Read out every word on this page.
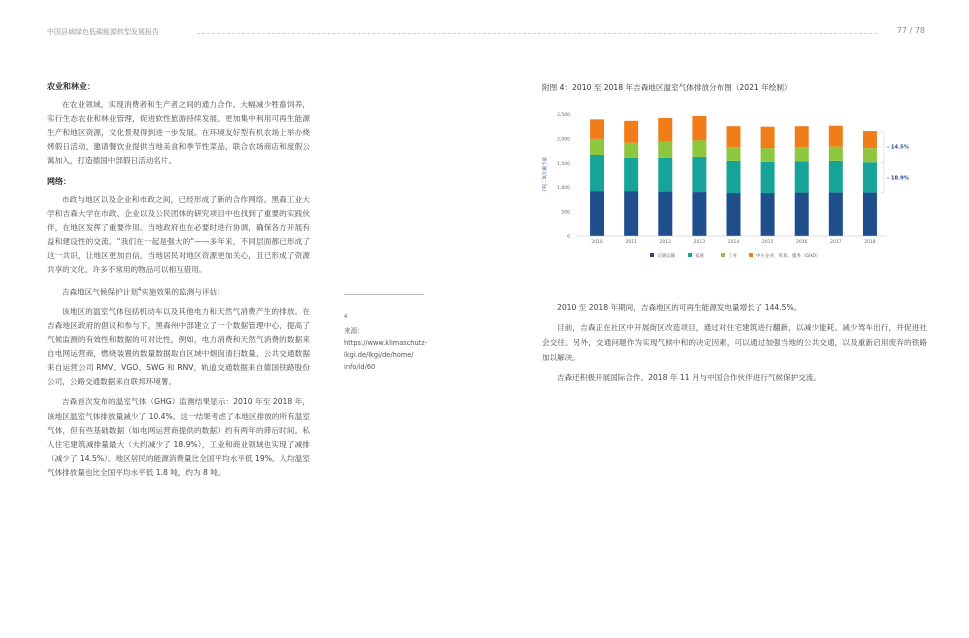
中国县域绿色低碳能源转型发展报告	77 / 78
农业和林业：

在农业领域，实现消费者和生产者之间的通力合作。大幅减少牲畜饲养，实行生态农业和林业管理，促进软性旅游持续发展。更加集中利用可再生能源生产和地区资源，文化景观得到进一步发展。在环境友好型有机农场上举办烧烤假日活动，邀请餐饮业提供当地美食和季节性菜品，联合农场商店和度假公寓加入，打造德国中部假日活动名片。

网络：

市政与地区以及企业和市政之间，已经形成了新的合作网络。黑森工业大学和吉森大学在市政、企业以及公民团体的研究项目中也找到了重要的实践伙伴，在地区发挥了重要作用。当地政府也在必要时进行协调，确保各方开展有益和建设性的交流。“我们在一起是强大的”——多年来，不同层面都已形成了这一共识，让地区更加自信。当地居民对地区资源更加关心，且已形成了资源共享的文化，许多不常用的物品可以相互借用。

吉森地区气候保护计划$^4$实施效果的监测与评估：

该地区的温室气体包括机动车以及其他电力和天然气消费产生的排放。在吉森地区政府的倡议和参与下，黑森州中部建立了一个数据管理中心，提高了气候监测的有效性和数据的可对比性，例如，电力消费和天然气消费的数据来自电网运营商，燃烧装置的数量数据取自区域中烟囱清扫数量，公共交通数据来自运营公司 RMV、VGO、SWG 和 RNV，轨道交通数据来自德国铁路股份公司，公路交通数据来自联邦环境署。

吉森首次发布的温室气体（GHG）监测结果显示：2010 年至 2018 年，该地区温室气体排放量减少了 10.4%。这一结果考虑了本地区排放的所有温室气体，但有些基础数据（如电网运营商提供的数据）约有两年的滞后时间。私人住宅建筑减排量最大（大约减少了 18.9%），工业和商业领域也实现了减排（减少了 14.5%）。地区居民的能源消费量比全国平均水平低 19%。人均温室气体排放量也比全国平均水平低 1.8 吨，约为 8 吨。

$^4$
来源：
https://www.klimaschutz-
lkgi.de/lkgi/de/home/
info/id/60
附图 4：2010 至 2018 年吉森地区温室气体排放分布图（2021 年绘制）
0
500
1,000
1,500
2,000
2,500
千吨二氧化碳当量
2010	2011	2012	2013	2014	2015	2016	2017	2018
- 14.5%
- 18.9%
交通运输	家庭	工业	中小企业、贸易、服务（GHD）

2010 至 2018 年期间，吉森地区的可再生能源发电量增长了 144.5%。

目前，吉森正在社区中开展街区改造项目，通过对住宅建筑进行翻新，以减少能耗、减少驾车出行，并促进社会交往。另外，交通问题作为实现气候中和的决定因素，可以通过加强当地的公共交通，以及重新启用废弃的铁路加以解决。

吉森还积极开展国际合作。2018 年 11 月与中国合作伙伴进行气候保护交流。
